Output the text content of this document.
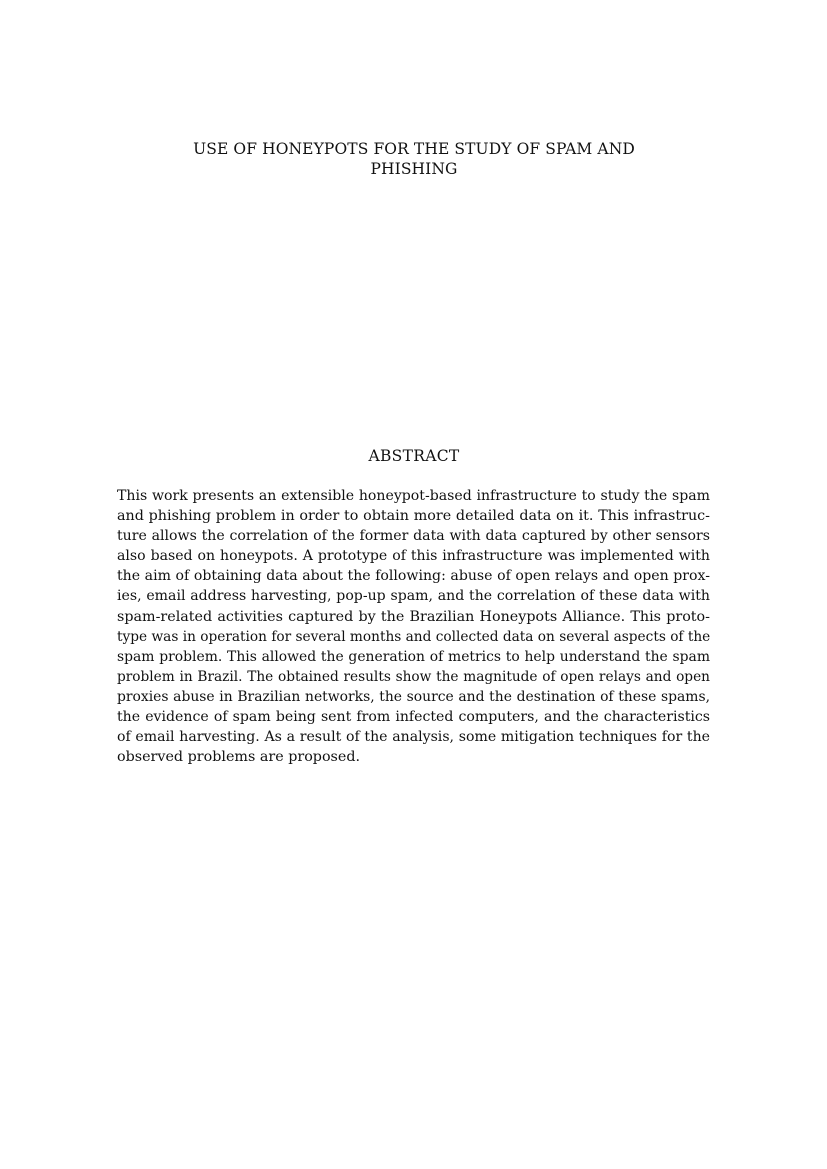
USE OF HONEYPOTS FOR THE STUDY OF SPAM AND
PHISHING
ABSTRACT

This work presents an extensible honeypot-based infrastructure to study the spam
and phishing problem in order to obtain more detailed data on it. This infrastruc-
ture allows the correlation of the former data with data captured by other sensors
also based on honeypots. A prototype of this infrastructure was implemented with
the aim of obtaining data about the following: abuse of open relays and open prox-
ies, email address harvesting, pop-up spam, and the correlation of these data with
spam-related activities captured by the Brazilian Honeypots Alliance. This proto-
type was in operation for several months and collected data on several aspects of the
spam problem. This allowed the generation of metrics to help understand the spam
problem in Brazil. The obtained results show the magnitude of open relays and open
proxies abuse in Brazilian networks, the source and the destination of these spams,
the evidence of spam being sent from infected computers, and the characteristics
of email harvesting. As a result of the analysis, some mitigation techniques for the
observed problems are proposed.
